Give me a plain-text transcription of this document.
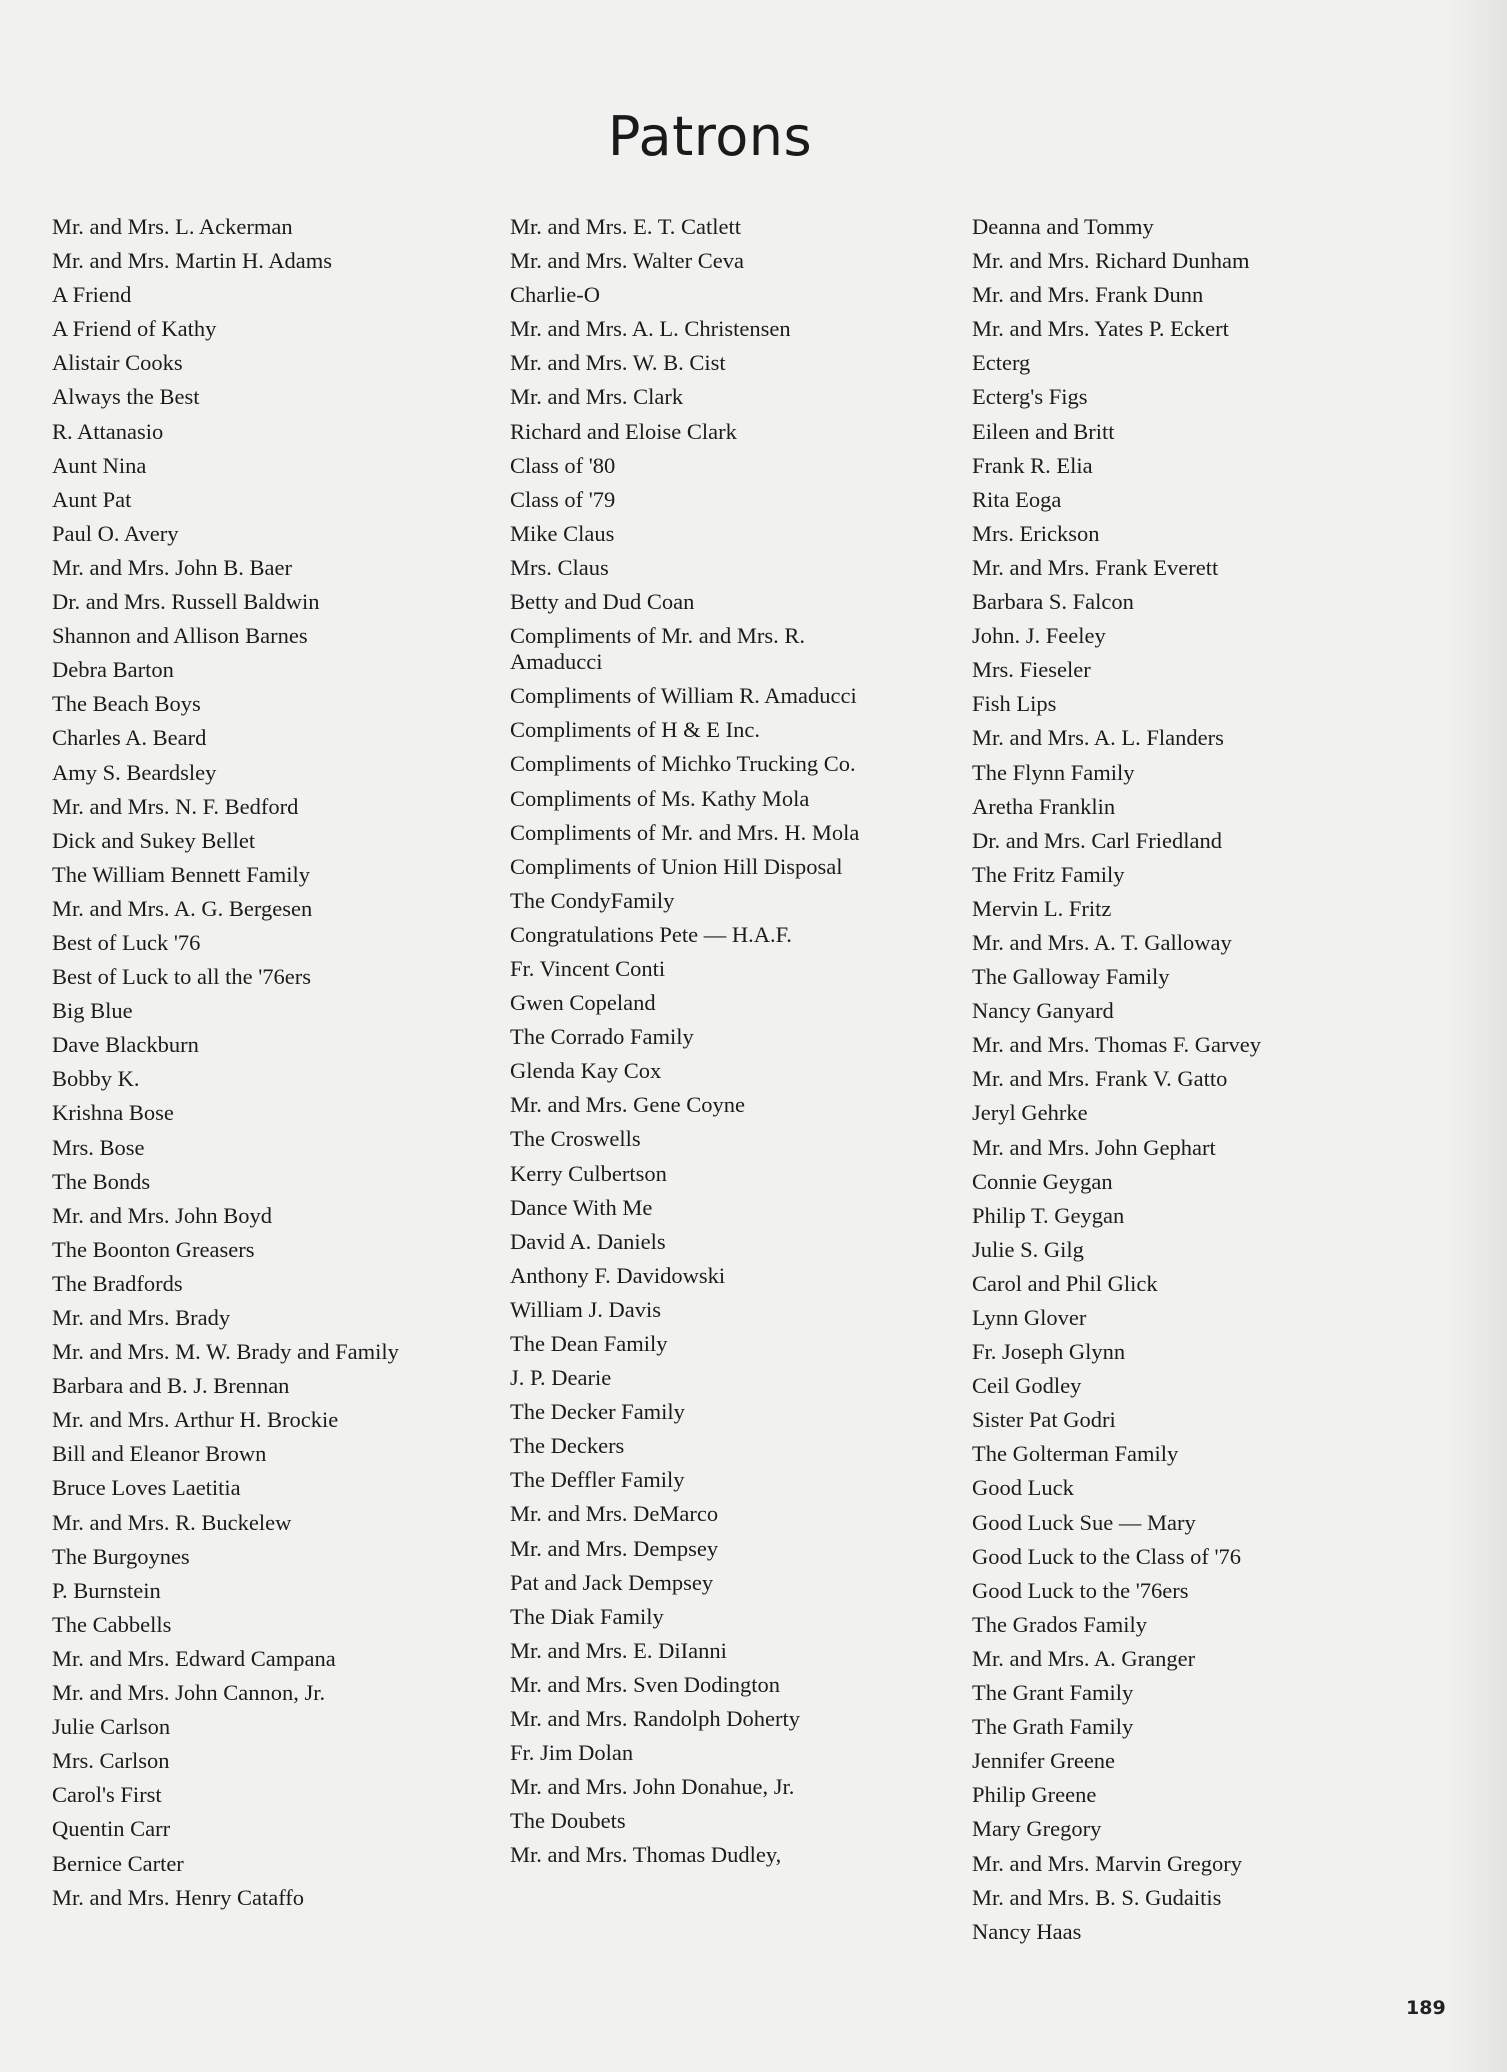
Patrons
Mr. and Mrs. L. Ackerman
Mr. and Mrs. Martin H. Adams
A Friend
A Friend of Kathy
Alistair Cooks
Always the Best
R. Attanasio
Aunt Nina
Aunt Pat
Paul O. Avery
Mr. and Mrs. John B. Baer
Dr. and Mrs. Russell Baldwin
Shannon and Allison Barnes
Debra Barton
The Beach Boys
Charles A. Beard
Amy S. Beardsley
Mr. and Mrs. N. F. Bedford
Dick and Sukey Bellet
The William Bennett Family
Mr. and Mrs. A. G. Bergesen
Best of Luck '76
Best of Luck to all the '76ers
Big Blue
Dave Blackburn
Bobby K.
Krishna Bose
Mrs. Bose
The Bonds
Mr. and Mrs. John Boyd
The Boonton Greasers
The Bradfords
Mr. and Mrs. Brady
Mr. and Mrs. M. W. Brady and Family
Barbara and B. J. Brennan
Mr. and Mrs. Arthur H. Brockie
Bill and Eleanor Brown
Bruce Loves Laetitia
Mr. and Mrs. R. Buckelew
The Burgoynes
P. Burnstein
The Cabbells
Mr. and Mrs. Edward Campana
Mr. and Mrs. John Cannon, Jr.
Julie Carlson
Mrs. Carlson
Carol's First
Quentin Carr
Bernice Carter
Mr. and Mrs. Henry Cataffo
Mr. and Mrs. E. T. Catlett
Mr. and Mrs. Walter Ceva
Charlie-O
Mr. and Mrs. A. L. Christensen
Mr. and Mrs. W. B. Cist
Mr. and Mrs. Clark
Richard and Eloise Clark
Class of '80
Class of '79
Mike Claus
Mrs. Claus
Betty and Dud Coan
Compliments of Mr. and Mrs. R. Amaducci
Compliments of William R. Amaducci
Compliments of H & E Inc.
Compliments of Michko Trucking Co.
Compliments of Ms. Kathy Mola
Compliments of Mr. and Mrs. H. Mola
Compliments of Union Hill Disposal
The CondyFamily
Congratulations Pete — H.A.F.
Fr. Vincent Conti
Gwen Copeland
The Corrado Family
Glenda Kay Cox
Mr. and Mrs. Gene Coyne
The Croswells
Kerry Culbertson
Dance With Me
David A. Daniels
Anthony F. Davidowski
William J. Davis
The Dean Family
J. P. Dearie
The Decker Family
The Deckers
The Deffler Family
Mr. and Mrs. DeMarco
Mr. and Mrs. Dempsey
Pat and Jack Dempsey
The Diak Family
Mr. and Mrs. E. DiIanni
Mr. and Mrs. Sven Dodington
Mr. and Mrs. Randolph Doherty
Fr. Jim Dolan
Mr. and Mrs. John Donahue, Jr.
The Doubets
Mr. and Mrs. Thomas Dudley,
Deanna and Tommy
Mr. and Mrs. Richard Dunham
Mr. and Mrs. Frank Dunn
Mr. and Mrs. Yates P. Eckert
Ecterg
Ecterg's Figs
Eileen and Britt
Frank R. Elia
Rita Eoga
Mrs. Erickson
Mr. and Mrs. Frank Everett
Barbara S. Falcon
John. J. Feeley
Mrs. Fieseler
Fish Lips
Mr. and Mrs. A. L. Flanders
The Flynn Family
Aretha Franklin
Dr. and Mrs. Carl Friedland
The Fritz Family
Mervin L. Fritz
Mr. and Mrs. A. T. Galloway
The Galloway Family
Nancy Ganyard
Mr. and Mrs. Thomas F. Garvey
Mr. and Mrs. Frank V. Gatto
Jeryl Gehrke
Mr. and Mrs. John Gephart
Connie Geygan
Philip T. Geygan
Julie S. Gilg
Carol and Phil Glick
Lynn Glover
Fr. Joseph Glynn
Ceil Godley
Sister Pat Godri
The Golterman Family
Good Luck
Good Luck Sue — Mary
Good Luck to the Class of '76
Good Luck to the '76ers
The Grados Family
Mr. and Mrs. A. Granger
The Grant Family
The Grath Family
Jennifer Greene
Philip Greene
Mary Gregory
Mr. and Mrs. Marvin Gregory
Mr. and Mrs. B. S. Gudaitis
Nancy Haas
189
